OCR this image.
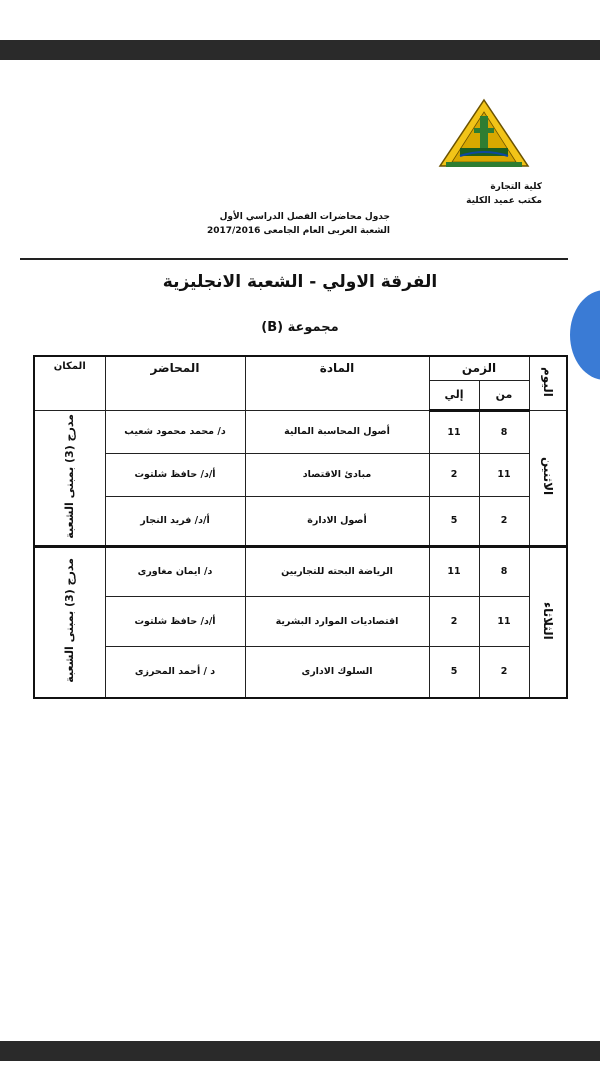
كلية التجارة
مكتب عميد الكلية
جدول محاضرات الفصل الدراسي الأول
الشعبة العربى العام الجامعى 2017/2016
الفرقة الاولي - الشعبة الانجليزية
مجموعة (B)
اليوم	الزمن		المادة	المحاضر	المكان
	من	إلي			
الاثنين	8	11	أصول المحاسبة المالية	د/ محمد محمود شعيب	مدرج (3) بمبنى الشعبة
	11	2	مبادئ الاقتصاد	أ/د/ حافظ شلتوت	
	2	5	أصول الادارة	أ/د/ فريد النجار	
الثلاثاء	8	11	الرياضة البحته للتجاريين	د/ ايمان مغاورى	مدرج (3) بمبنى الشعبة
	11	2	اقتصاديات الموارد البشرية	أ/د/ حافظ شلتوت	
	2	5	السلوك الادارى	د / أحمد المحرزى	
